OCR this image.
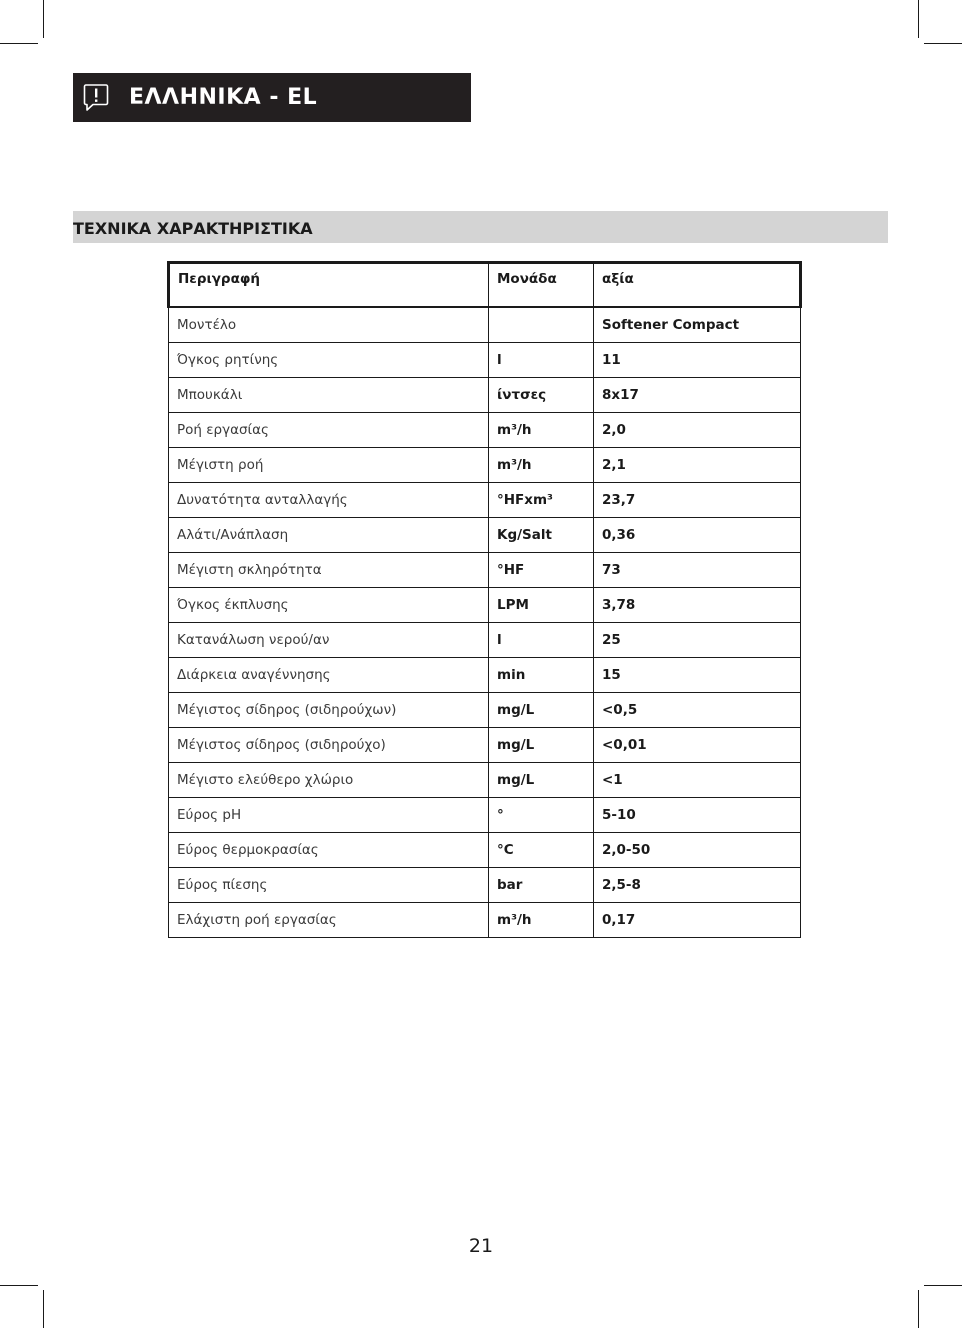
ΕΛΛΗΝΙΚΑ - EL
ΤΕΧΝΙΚΑ ΧΑΡΑΚΤΗΡΙΣΤΙΚΑ
Περιγραφή	Μονάδα	αξία
Μοντέλο		Softener Compact
Όγκος ρητίνης	l	11
Μπουκάλι	ίντσες	8x17
Ροή εργασίας	m³/h	2,0
Μέγιστη ροή	m³/h	2,1
Δυνατότητα ανταλλαγής	°HFxm³	23,7
Αλάτι/Ανάπλαση	Kg/Salt	0,36
Μέγιστη σκληρότητα	°HF	73
Όγκος έκπλυσης	LPM	3,78
Κατανάλωση νερού/αν	l	25
Διάρκεια αναγέννησης	min	15
Μέγιστος σίδηρος (σιδηρούχων)	mg/L	<0,5
Μέγιστος σίδηρος (σιδηρούχο)	mg/L	<0,01
Μέγιστο ελεύθερο χλώριο	mg/L	<1
Εύρος pH	°	5-10
Εύρος θερμοκρασίας	°C	2,0-50
Εύρος πίεσης	bar	2,5-8
Ελάχιστη ροή εργασίας	m³/h	0,17
21
